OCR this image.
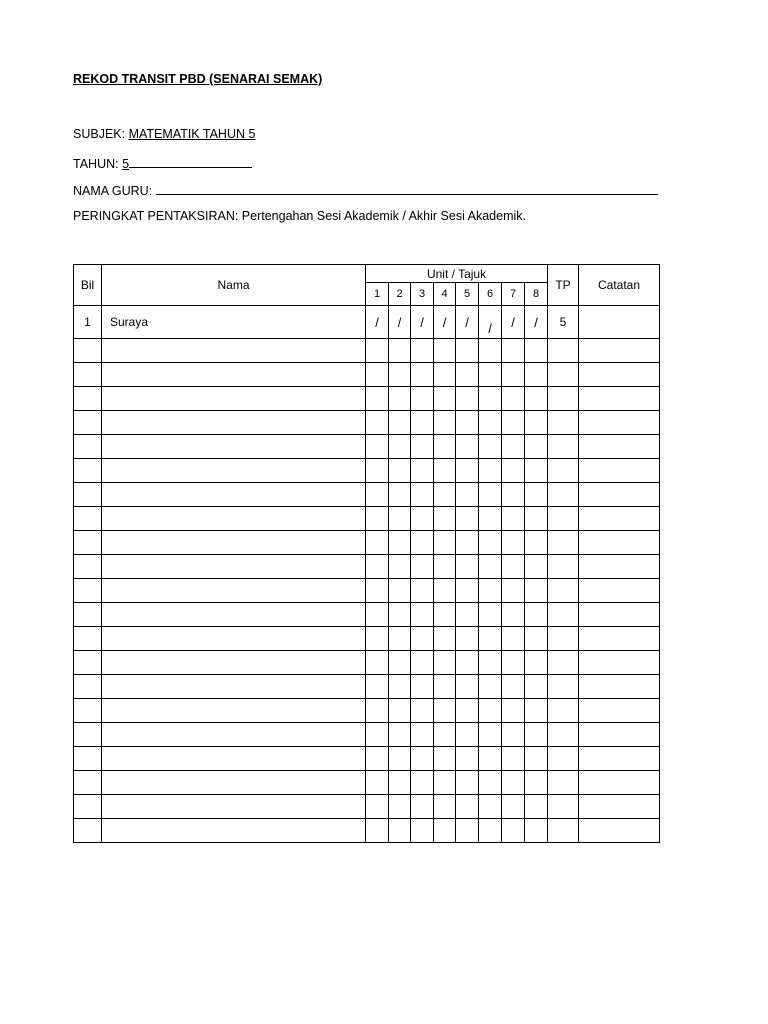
REKOD TRANSIT PBD (SENARAI SEMAK)
SUBJEK: MATEMATIK TAHUN 5
TAHUN: 5
NAMA GURU:
PERINGKAT PENTAKSIRAN: Pertengahan Sesi Akademik / Akhir Sesi Akademik.
Bil	Nama	Unit / Tajuk								TP	Catatan
		1	2	3	4	5	6	7	8		
1	Suraya	/	/	/	/	/	/	/	/	5	
